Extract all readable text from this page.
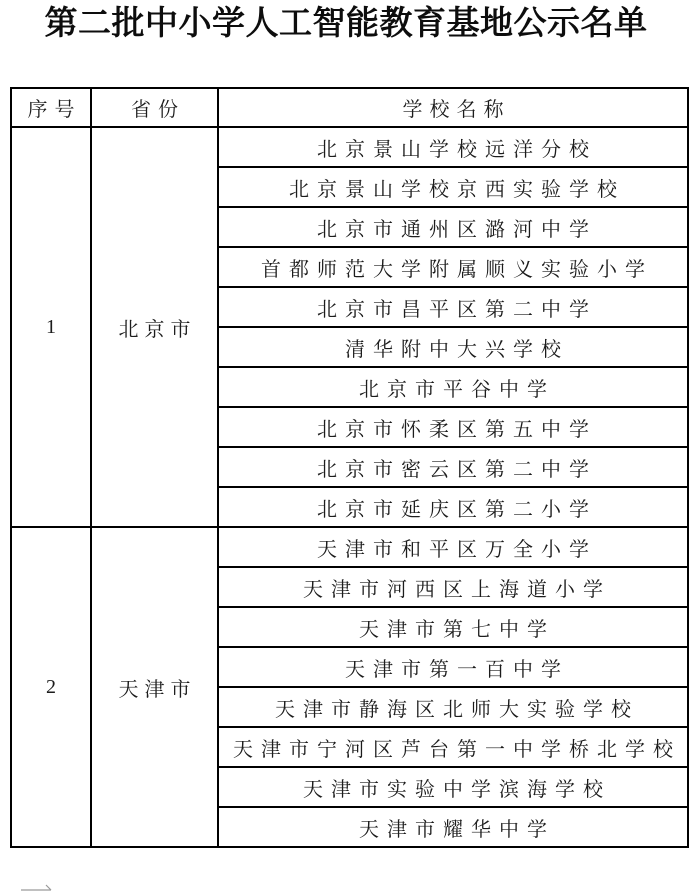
第二批中小学人工智能教育基地公示名单
序号	省份	学校名称
1	北京市	北京景山学校远洋分校
		北京景山学校京西实验学校
		北京市通州区潞河中学
		首都师范大学附属顺义实验小学
		北京市昌平区第二中学
		清华附中大兴学校
		北京市平谷中学
		北京市怀柔区第五中学
		北京市密云区第二中学
		北京市延庆区第二小学
2	天津市	天津市和平区万全小学
		天津市河西区上海道小学
		天津市第七中学
		天津市第一百中学
		天津市静海区北师大实验学校
		天津市宁河区芦台第一中学桥北学校
		天津市实验中学滨海学校
		天津市耀华中学
